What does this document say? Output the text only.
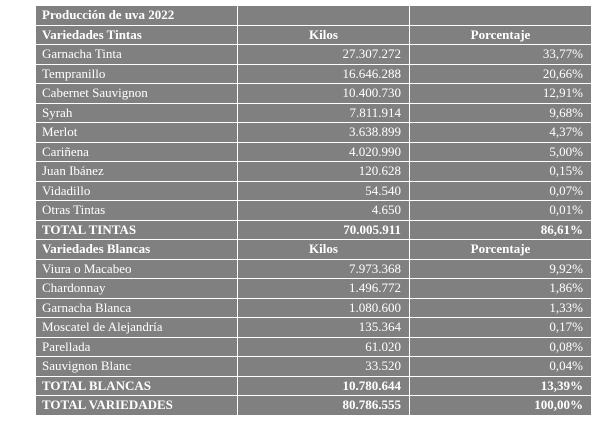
Producción de uva 2022		
Variedades Tintas	Kilos	Porcentaje
Garnacha Tinta	27.307.272	33,77%
Tempranillo	16.646.288	20,66%
Cabernet Sauvignon	10.400.730	12,91%
Syrah	7.811.914	9,68%
Merlot	3.638.899	4,37%
Cariñena	4.020.990	5,00%
Juan Ibánez	120.628	0,15%
Vidadillo	54.540	0,07%
Otras Tintas	4.650	0,01%
TOTAL TINTAS	70.005.911	86,61%
Variedades Blancas	Kilos	Porcentaje
Viura o Macabeo	7.973.368	9,92%
Chardonnay	1.496.772	1,86%
Garnacha Blanca	1.080.600	1,33%
Moscatel de Alejandría	135.364	0,17%
Parellada	61.020	0,08%
Sauvignon Blanc	33.520	0,04%
TOTAL BLANCAS	10.780.644	13,39%
TOTAL VARIEDADES	80.786.555	100,00%
